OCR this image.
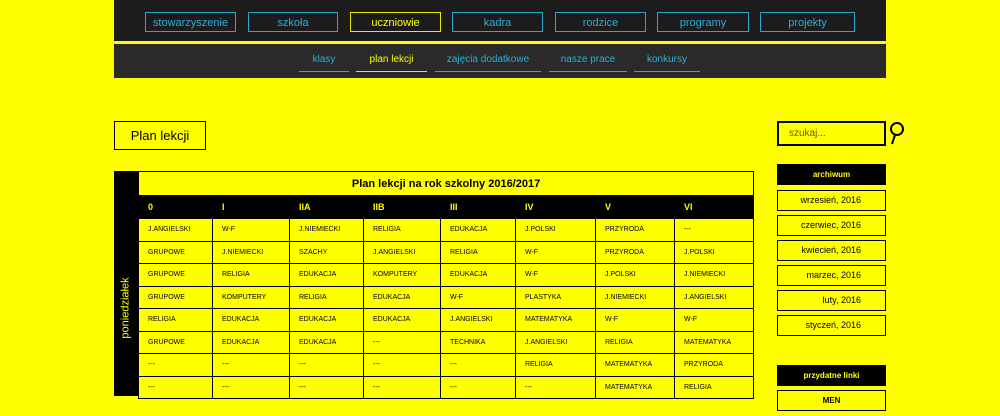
stowarzyszenie	szkoła	uczniowie	kadra	rodzice	programy	projekty
klasy	plan lekcji	zajęcia dodatkowe	nasze prace	konkursy
Plan lekcji
poniedziałek
Plan lekcji na rok szkolny 2016/2017							
0	I	IIA	IIB	III	IV	V	VI
J.ANGIELSKI	W-F	J.NIEMIECKI	RELIGIA	EDUKACJA	J.POLSKI	PRZYRODA	---
GRUPOWE	J.NIEMIECKI	SZACHY	J.ANGIELSKI	RELIGIA	W-F	PRZYRODA	J.POLSKI
GRUPOWE	RELIGIA	EDUKACJA	KOMPUTERY	EDUKACJA	W-F	J.POLSKI	J.NIEMIECKI
GRUPOWE	KOMPUTERY	RELIGIA	EDUKACJA	W-F	PLASTYKA	J.NIEMIECKI	J.ANGIELSKI
RELIGIA	EDUKACJA	EDUKACJA	EDUKACJA	J.ANGIELSKI	MATEMATYKA	W-F	W-F
GRUPOWE	EDUKACJA	EDUKACJA	---	TECHNIKA	J.ANGIELSKI	RELIGIA	MATEMATYKA
---	---	---	---	---	RELIGIA	MATEMATYKA	PRZYRODA
---	---	---	---	---	---	MATEMATYKA	RELIGIA
szukaj...
archiwum
wrzesień, 2016
czerwiec, 2016
kwiecień, 2016
marzec, 2016
luty, 2016
styczeń, 2016
przydatne linki
MEN
